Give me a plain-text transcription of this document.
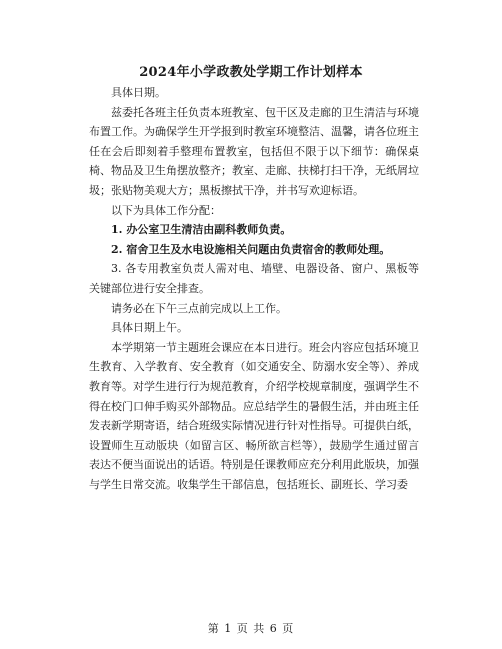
2024年小学政教处学期工作计划样本

具体日期。

兹委托各班主任负责本班教室、包干区及走廊的卫生清洁与环境布置工作。为确保学生开学报到时教室环境整洁、温馨，请各位班主任在会后即刻着手整理布置教室，包括但不限于以下细节：确保桌椅、物品及卫生角摆放整齐；教室、走廊、扶梯打扫干净，无纸屑垃圾；张贴物美观大方；黑板擦拭干净，并书写欢迎标语。

以下为具体工作分配：

1. 办公室卫生清洁由副科教师负责。

2. 宿舍卫生及水电设施相关问题由负责宿舍的教师处理。

3. 各专用教室负责人需对电、墙壁、电器设备、窗户、黑板等关键部位进行安全排查。

请务必在下午三点前完成以上工作。

具体日期上午。

本学期第一节主题班会课应在本日进行。班会内容应包括环境卫生教育、入学教育、安全教育（如交通安全、防溺水安全等）、养成教育等。对学生进行行为规范教育，介绍学校规章制度，强调学生不得在校门口伸手购买外部物品。应总结学生的暑假生活，并由班主任发表新学期寄语，结合班级实际情况进行针对性指导。可提供白纸，设置师生互动版块（如留言区、畅所欲言栏等），鼓励学生通过留言表达不便当面说出的话语。特别是任课教师应充分利用此版块，加强与学生日常交流。收集学生干部信息，包括班长、副班长、学习委

第 1 页 共 6 页
